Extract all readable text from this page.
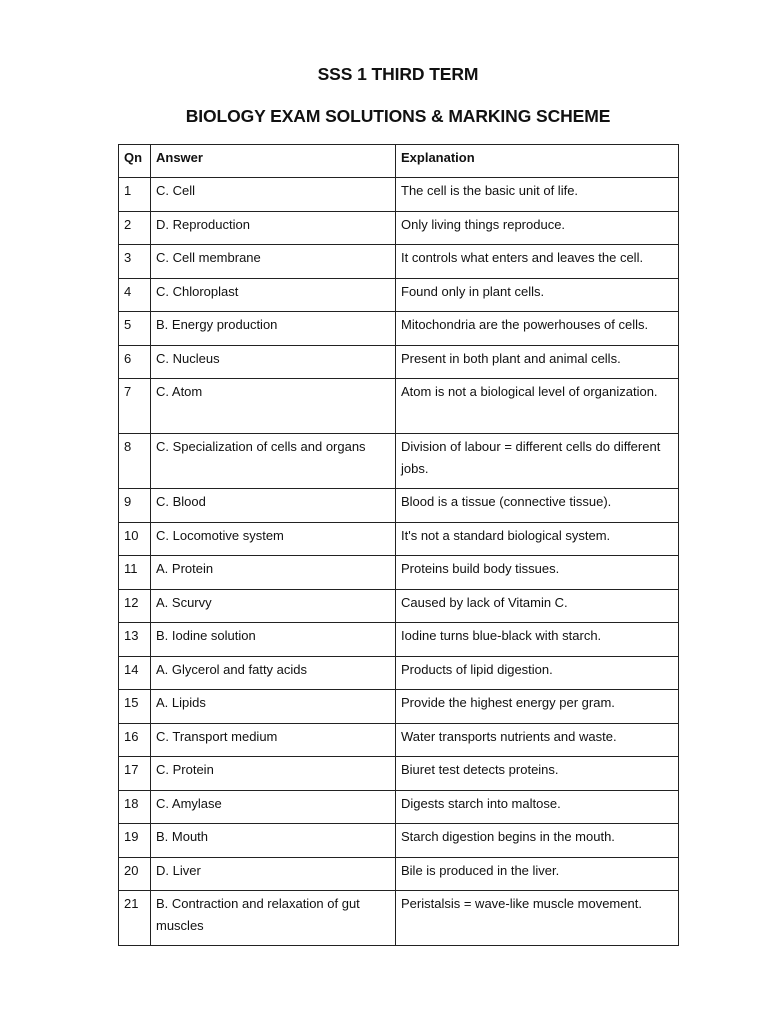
SSS 1 THIRD TERM
BIOLOGY EXAM SOLUTIONS & MARKING SCHEME
Qn	Answer	Explanation
1	C. Cell	The cell is the basic unit of life.
2	D. Reproduction	Only living things reproduce.
3	C. Cell membrane	It controls what enters and leaves the cell.
4	C. Chloroplast	Found only in plant cells.
5	B. Energy production	Mitochondria are the powerhouses of cells.
6	C. Nucleus	Present in both plant and animal cells.
7	C. Atom	Atom is not a biological level of organization.
8	C. Specialization of cells and organs	Division of labour = different cells do different jobs.
9	C. Blood	Blood is a tissue (connective tissue).
10	C. Locomotive system	It's not a standard biological system.
11	A. Protein	Proteins build body tissues.
12	A. Scurvy	Caused by lack of Vitamin C.
13	B. Iodine solution	Iodine turns blue-black with starch.
14	A. Glycerol and fatty acids	Products of lipid digestion.
15	A. Lipids	Provide the highest energy per gram.
16	C. Transport medium	Water transports nutrients and waste.
17	C. Protein	Biuret test detects proteins.
18	C. Amylase	Digests starch into maltose.
19	B. Mouth	Starch digestion begins in the mouth.
20	D. Liver	Bile is produced in the liver.
21	B. Contraction and relaxation of gut muscles	Peristalsis = wave-like muscle movement.
